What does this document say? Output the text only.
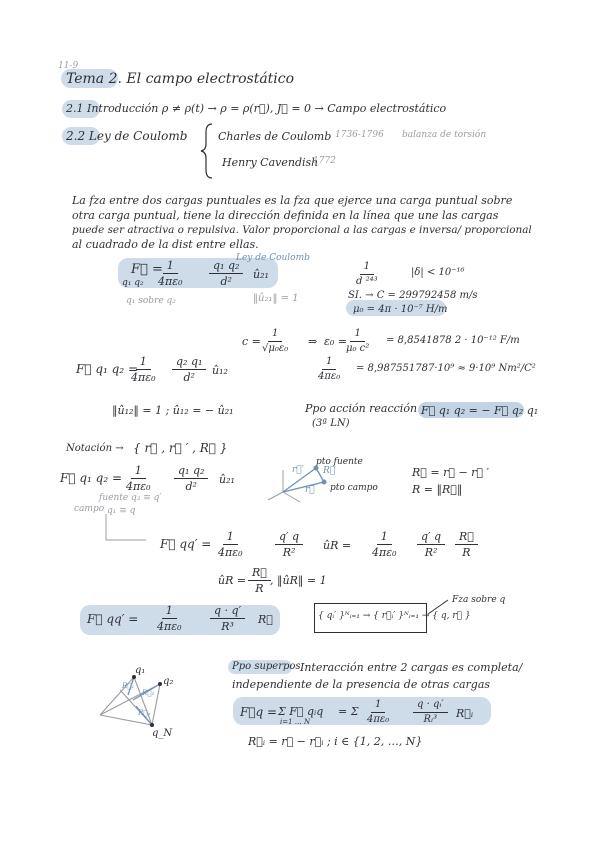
11-9
Tema 2. El campo electrostático
2.1 Introducción ρ ≠ ρ(t) → ρ = ρ(r⃗), J⃗ = 0 → Campo electrostático
2.2 Ley de Coulomb	Charles de Coulomb 1736-1796 balanza de torsión
Henry Cavendish
1772
La fza entre dos cargas puntuales es la fza que ejerce una carga puntual sobre
otra carga puntual, tiene la dirección definida en la línea que une las cargas
puede ser atractiva o repulsiva. Valor proporcional a las cargas e inversa/ proporcional
al cuadrado de la dist entre ellas.
F⃗ =
q₁ $q_2 \frac{1}{\text{4πε₀}} \frac{\text{q₁ q₂}}{\text{d²}}$ û₂₁
Ley de Coulomb
q₁ sobre q₂	‖û₂₁‖ = 1
$\frac{1}{\text{d ²⁴³}}$	|δ| < 10⁻¹⁶
SI. → C = 299792458 m/s
μ₀ = 4π · 10⁻⁷ H/m
$c = \frac{1}{\text{√μ₀ε₀}}$ ⇒ ε₀ =
$\frac{1}{\text{μ₀ c²}} = 8,8541878$ 2 · 10⁻¹² F/m
$\frac{1}{\text{4πε₀}} = 8,987551787\cdot 10^9 \approx 9\cdot 10^9$ Nm²/C²
F⃗ q₁ q₂ =
$\frac{1}{\text{4πε₀}} \frac{\text{q₂ q₁}}{\text{d²}}$ û₁₂
‖û₁₂‖ = 1 ; û₁₂ = − û₂₁	Ppo acción reacción
(3ª LN)
F⃗ q₁ q₂ = − F⃗ q₂ q₁
Notación → { r⃗ , r⃗ ′ , R⃗ }
F⃗ q₁ $q_2 = \frac{1}{\text{4πε₀}} \frac{\text{q₁ q₂}}{\text{d²}}$ û₂₁
fuente q₂ ≡ q′
campo q₁ ≡ q
pto fuente
pto campo
r⃗′
r⃗
R⃗	R⃗ = r⃗ − r⃗ ′
R = ‖R⃗‖
F⃗ $qq' = \frac{1}{\text{4πε₀}}$	$\frac{q' q}{\text{R²}}$ ûR = $\frac{1}{\text{4πε₀}} \frac{q' q}{\text{R²}} \frac{R⃗}{R}$
ûR = $\frac{R⃗}{R}$ , ‖ûR‖ = 1
F⃗ $qq' = \frac{1}{\text{4πε₀}}$	$\frac{q \cdot q'}{\text{R³}}$ R⃗	{ qᵢ′ }ᴺᵢ₌₁ → { r⃗ᵢ′ }ᴺᵢ₌₁ → { q, r⃗ }
Fza sobre q
Ppo superpos.
Interacción entre 2 cargas es completa/
independiente de la presencia de otras cargas
F⃗q = Σ F⃗ qᵢq
i=1 … N
= Σ $\frac{1}{\text{4πε₀}} \frac{\text{q · qᵢ′}}{\text{Rᵢ³}}$ R⃗ᵢ
R⃗ᵢ = r⃗ − r⃗ᵢ ; i ∈ {1, 2, …, N}
q₁
q₂
q_N
R⃗₁
R⃗₂
R⃗ₙ
